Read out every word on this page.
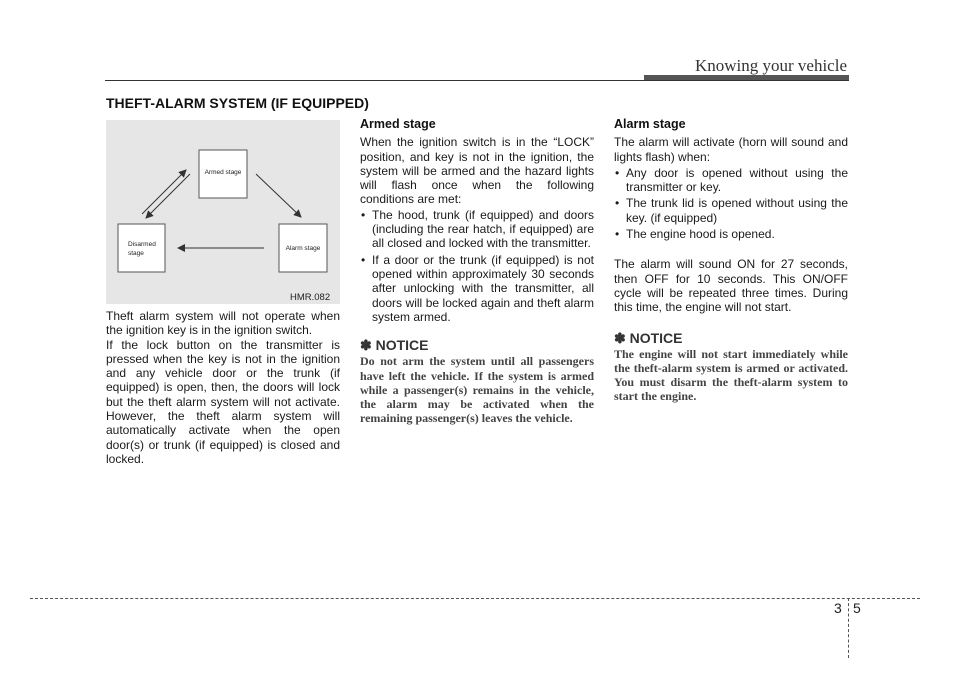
Knowing your vehicle
THEFT-ALARM SYSTEM (IF EQUIPPED)
Armed stage
Disarmed
stage
Alarm stage
HMR.082

Theft alarm system will not operate when the ignition key is in the ignition switch.

If the lock button on the transmitter is pressed when the key is not in the ignition and any vehicle door or the trunk (if equipped) is open, then, the doors will lock but the theft alarm system will not activate. However, the theft alarm system will automatically activate when the open door(s) or trunk (if equipped) is closed and locked.

Armed stage

When the ignition switch is in the “LOCK” position, and key is not in the ignition, the system will be armed and the hazard lights will flash once when the following conditions are met:

• The hood, trunk (if equipped) and doors (including the rear hatch, if equipped) are all closed and locked with the transmitter.
• If a door or the trunk (if equipped) is not opened within approximately 30 seconds after unlocking with the transmitter, all doors will be locked again and theft alarm system armed.

✽ NOTICE

Do not arm the system until all passengers have left the vehicle. If the system is armed while a passenger(s) remains in the vehicle, the alarm may be activated when the remaining passenger(s) leaves the vehicle.

Alarm stage

The alarm will activate (horn will sound and lights flash) when:

• Any door is opened without using the transmitter or key.
• The trunk lid is opened without using the key. (if equipped)
• The engine hood is opened.

The alarm will sound ON for 27 seconds, then OFF for 10 seconds. This ON/OFF cycle will be repeated three times. During this time, the engine will not start.

✽ NOTICE

The engine will not start immediately while the theft-alarm system is armed or activated. You must disarm the theft-alarm system to start the engine.

3 5
